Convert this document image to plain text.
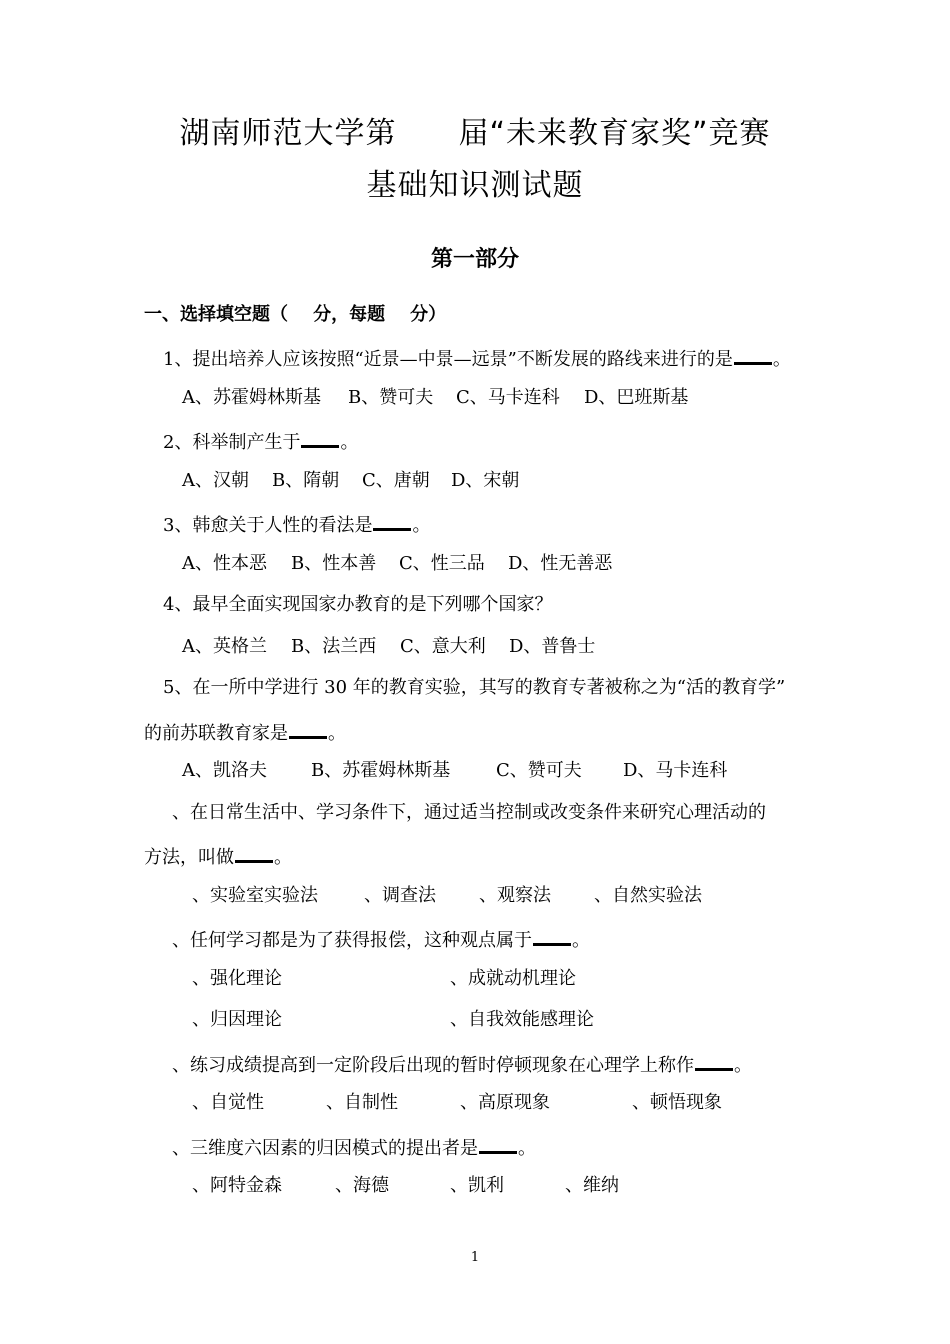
湖南师范大学第 届“未来教育家奖”竞赛
基础知识测试题
第一部分
一、选择填空题（    分，每题    分）
1、提出培养人应该按照“近景—中景—远景”不断发展的路线来进行的是 。
A、苏霍姆林斯基 B、赞可夫 C、马卡连科 D、巴班斯基
2、科举制产生于 。
A、汉朝 B、隋朝 C、唐朝 D、宋朝
3、韩愈关于人性的看法是 。
A、性本恶 B、性本善 C、性三品 D、性无善恶
4、最早全面实现国家办教育的是下列哪个国家？
A、英格兰 B、法兰西 C、意大利 D、普鲁士
5、在一所中学进行 30 年的教育实验，其写的教育专著被称之为“活的教育学”
的前苏联教育家是 。
A、凯洛夫 B、苏霍姆林斯基	C、赞可夫 D、马卡连科
、在日常生活中、学习条件下，通过适当控制或改变条件来研究心理活动的
方法，叫做 。
、实验室实验法	、调查法 、观察法 、自然实验法
、任何学习都是为了获得报偿，这种观点属于 。
、强化理论	、成就动机理论
、归因理论	、自我效能感理论
、练习成绩提高到一定阶段后出现的暂时停顿现象在心理学上称作 。
、自觉性	、自制性	、高原现象	、顿悟现象
、三维度六因素的归因模式的提出者是 。
、阿特金森	、海德	、凯利	、维纳
1
